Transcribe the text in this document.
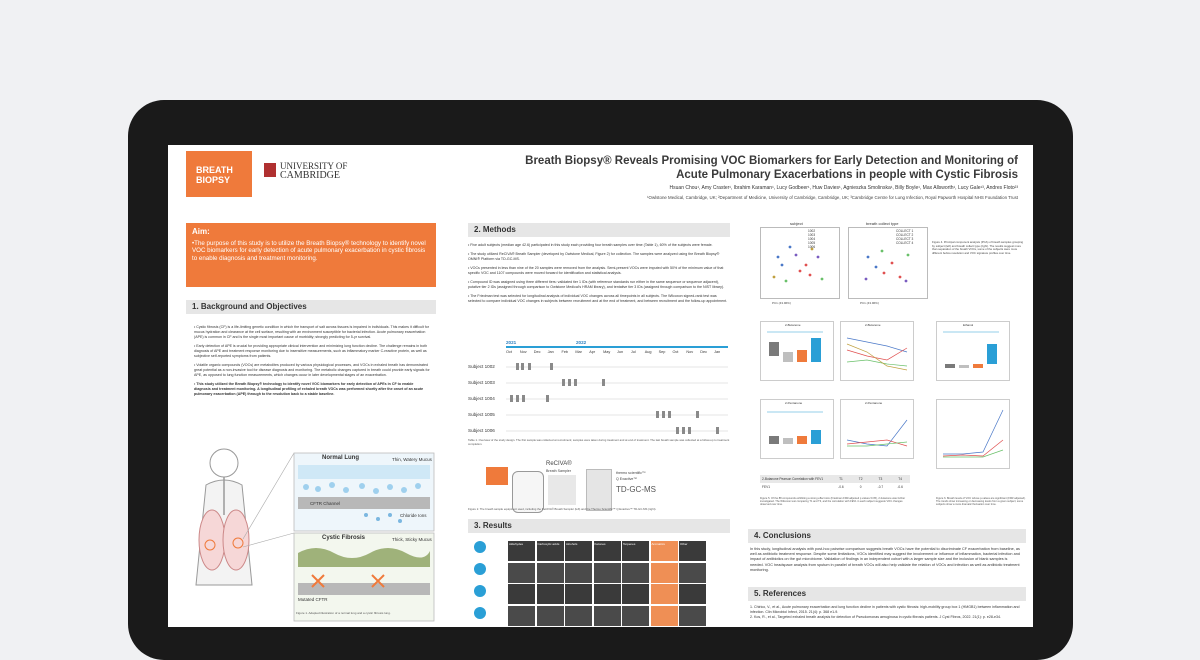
BREATH
BIOPSY
UNIVERSITY OF
CAMBRIDGE
Breath Biopsy® Reveals Promising VOC Biomarkers for Early Detection and Monitoring of
Acute Pulmonary Exacerbations in people with Cystic Fibrosis
Hsuan Chou¹, Amy Craster¹, Ibrahim Karaman¹, Lucy Godbeer¹, Huw Davies¹, Agnieszka Smolinska¹, Billy Boyle¹, Max Allsworth¹, Lucy Gale¹³, Andres Floto²³
¹Owlstone Medical, Cambridge, UK; ²Department of Medicine, University of Cambridge, Cambridge, UK; ³Cambridge Centre for Lung Infection, Royal Papworth Hospital NHS Foundation Trust
Aim:
•The purpose of this study is to utilize the Breath Biopsy® technology to identify novel VOC biomarkers for early detection of acute pulmonary exacerbation in cystic fibrosis to enable diagnosis and treatment monitoring.
1. Background and Objectives

• Cystic fibrosis (CF) is a life-limiting genetic condition in which the transport of salt across tissues is impaired in individuals. This makes it difficult for mucus hydration and clearance at the cell surface, resulting with an environment susceptible for bacterial infection. Acute pulmonary exacerbation (APE) is common in CF and is the single most important cause of morbidity; strongly predicting for 5-yr survival.

• Early detection of APE is crucial for providing appropriate clinical intervention and minimizing lung function decline. The challenge remains in both diagnosis of APE and treatment response monitoring due to insensitive measurements, such as inflammatory marker C-reactive protein, as well as subjective self-reported symptoms from patients.

• Volatile organic compounds (VOCs) are metabolites produced by various physiological processes, and VOCs in exhaled breath has demonstrated great potential as a non-invasive tool for disease diagnosis and monitoring. The metabolic changes captured in breath could provide early signals for APE, as opposed to lung function measurements, which changes occur in later developmental stages of an exacerbation.

• This study utilized the Breath Biopsy® technology to identify novel VOC biomarkers for early detection of APEs in CF to enable diagnosis and treatment monitoring. A longitudinal profiling of exhaled breath VOCs was performed shortly after the onset of an acute pulmonary exacerbation (APE) through to the resolution back to a stable baseline.

Normal Lung	Thin, Watery Mucus
CFTR Channel
Chloride Ions
Cystic Fibrosis	Thick, Sticky Mucus
Mutated CFTR
Figure 1. Adapted illustration of a normal lung and a cystic fibrosis lung.
2. Methods

• Five adult subjects (median age 42.6) participated in this study each providing four breath samples over time (Table 1), 60% of the subjects were female.

• The study utilized ReCIVA® Breath Sampler (developed by Owlstone Medical, Figure 2) for collection. The samples were analyzed using the Breath Biopsy® OMNI® Platform via TD-GC-MS.

• VOCs presented in less than nine of the 20 samples were removed from the analysis. Semi-present VOCs were imputed with 50% of the minimum value of that specific VOC and 1107 compounds were moved forward for identification and statistical analysis.

• Compound ID was assigned using three different tiers: validated tier 1 IDs (with reference standards run either in the same sequence or sequence adjacent), putative tier 2 IDs (assigned through comparison to Owlstone Medical's HRAM library), and tentative tier 3 IDs (assigned through comparison to the NIST library).

• The Friedman test was selected for longitudinal analysis of individual VOC changes across all timepoints in all subjects. The Wilcoxon signed-rank test was selected to compare individual VOC changes in subjects between recruitment and at the end of treatment, and between recruitment and the follow-up appointment.

2021	2022
Oct Nov Dec Jan Feb Mar Apr May Jun Jul Aug Sep Oct Nov Dec Jan
Subject 1002
Subject 1003
Subject 1004
Subject 1005
Subject 1006
Table 1. Overview of the study design. The first sample was collected at recruitment; samples were taken during treatment and at end of treatment. The last breath sample was collected at a follow-up to treatment completion.
ReCIVA®
Breath Sampler	thermo scientific™
Q Exactive™
TD-GC-MS
Figure 2. The breath sample equipment used, including the ReCIVA® Breath Sampler (left) and the Thermo Scientific™ Q Exactive™ TD-GC-MS (right).
3. Results
Aldehydes	Carboxylic acids	Alcohols	Ketones	Terpenes	Aromatics	Other
subject
1002
1003
1004
1005
1006
breath collect type
COLLECT 1
COLLECT 2
COLLECT 3
COLLECT 4
PC1 (43.96%)	PC1 (43.96%)
Figure 4. Principal component analysis (PCA) of breath samples grouping by subject (left) and breath collect type (right). The results suggest more than separation of the breath VOCs, some of the subjects were more different before resolution and VOC signature profiles over time.
2-Butanone	2-Butanone	Ethanol
2-Pentanone	2-Pentanone
2-Butanone Pearson Correlation with FEV1	T1	T2	T3	T4
FEV1	-0.6	0	-0.7	-0.6
Figure 5. Of the 88 compounds exhibiting a strong effect size (Friedman FDR-adjusted p values<0.05), 2-butanone was further investigated. The Wilcoxon test comparing T1 and T3, and the correlation with FEV1 in each subject suggests VOC changes observed over time.
Figure 6. Breath levels of VOC whose p-values are significant (FDR adjusted). The trends show increasing or decreasing levels from a given subject; some subjects show a more dramatic fluctuation over time.
4. Conclusions
In this study, longitudinal analysis with post-hoc pairwise comparison suggests breath VOCs have the potential to discriminate CF exacerbation from baseline, as well as antibiotic treatment response. Despite some limitations, VOCs identified may suggest the involvement or influence of inflammation, bacterial infection and impact of antibiotics on the gut microbiome. Validation of findings in an independent cohort with a larger sample size and the inclusion of blank samples is needed. VOC headspace analysis from sputum in parallel of breath VOCs will also help validate the relation of VOCs and infection as well as antibiotic treatment monitoring.
5. References
1. Chirico, V., et al., Acute pulmonary exacerbation and lung function decline in patients with cystic fibrosis: high-mobility group box 1 (HMGB1) between inflammation and infection. Clin Microbiol Infect, 2015. 21(4): p. 368 e1-9.
2. Kos, R., et al., Targeted exhaled breath analysis for detection of Pseudomonas aeruginosa in cystic fibrosis patients. J Cyst Fibros, 2022. 21(1): p. e28-e34.
